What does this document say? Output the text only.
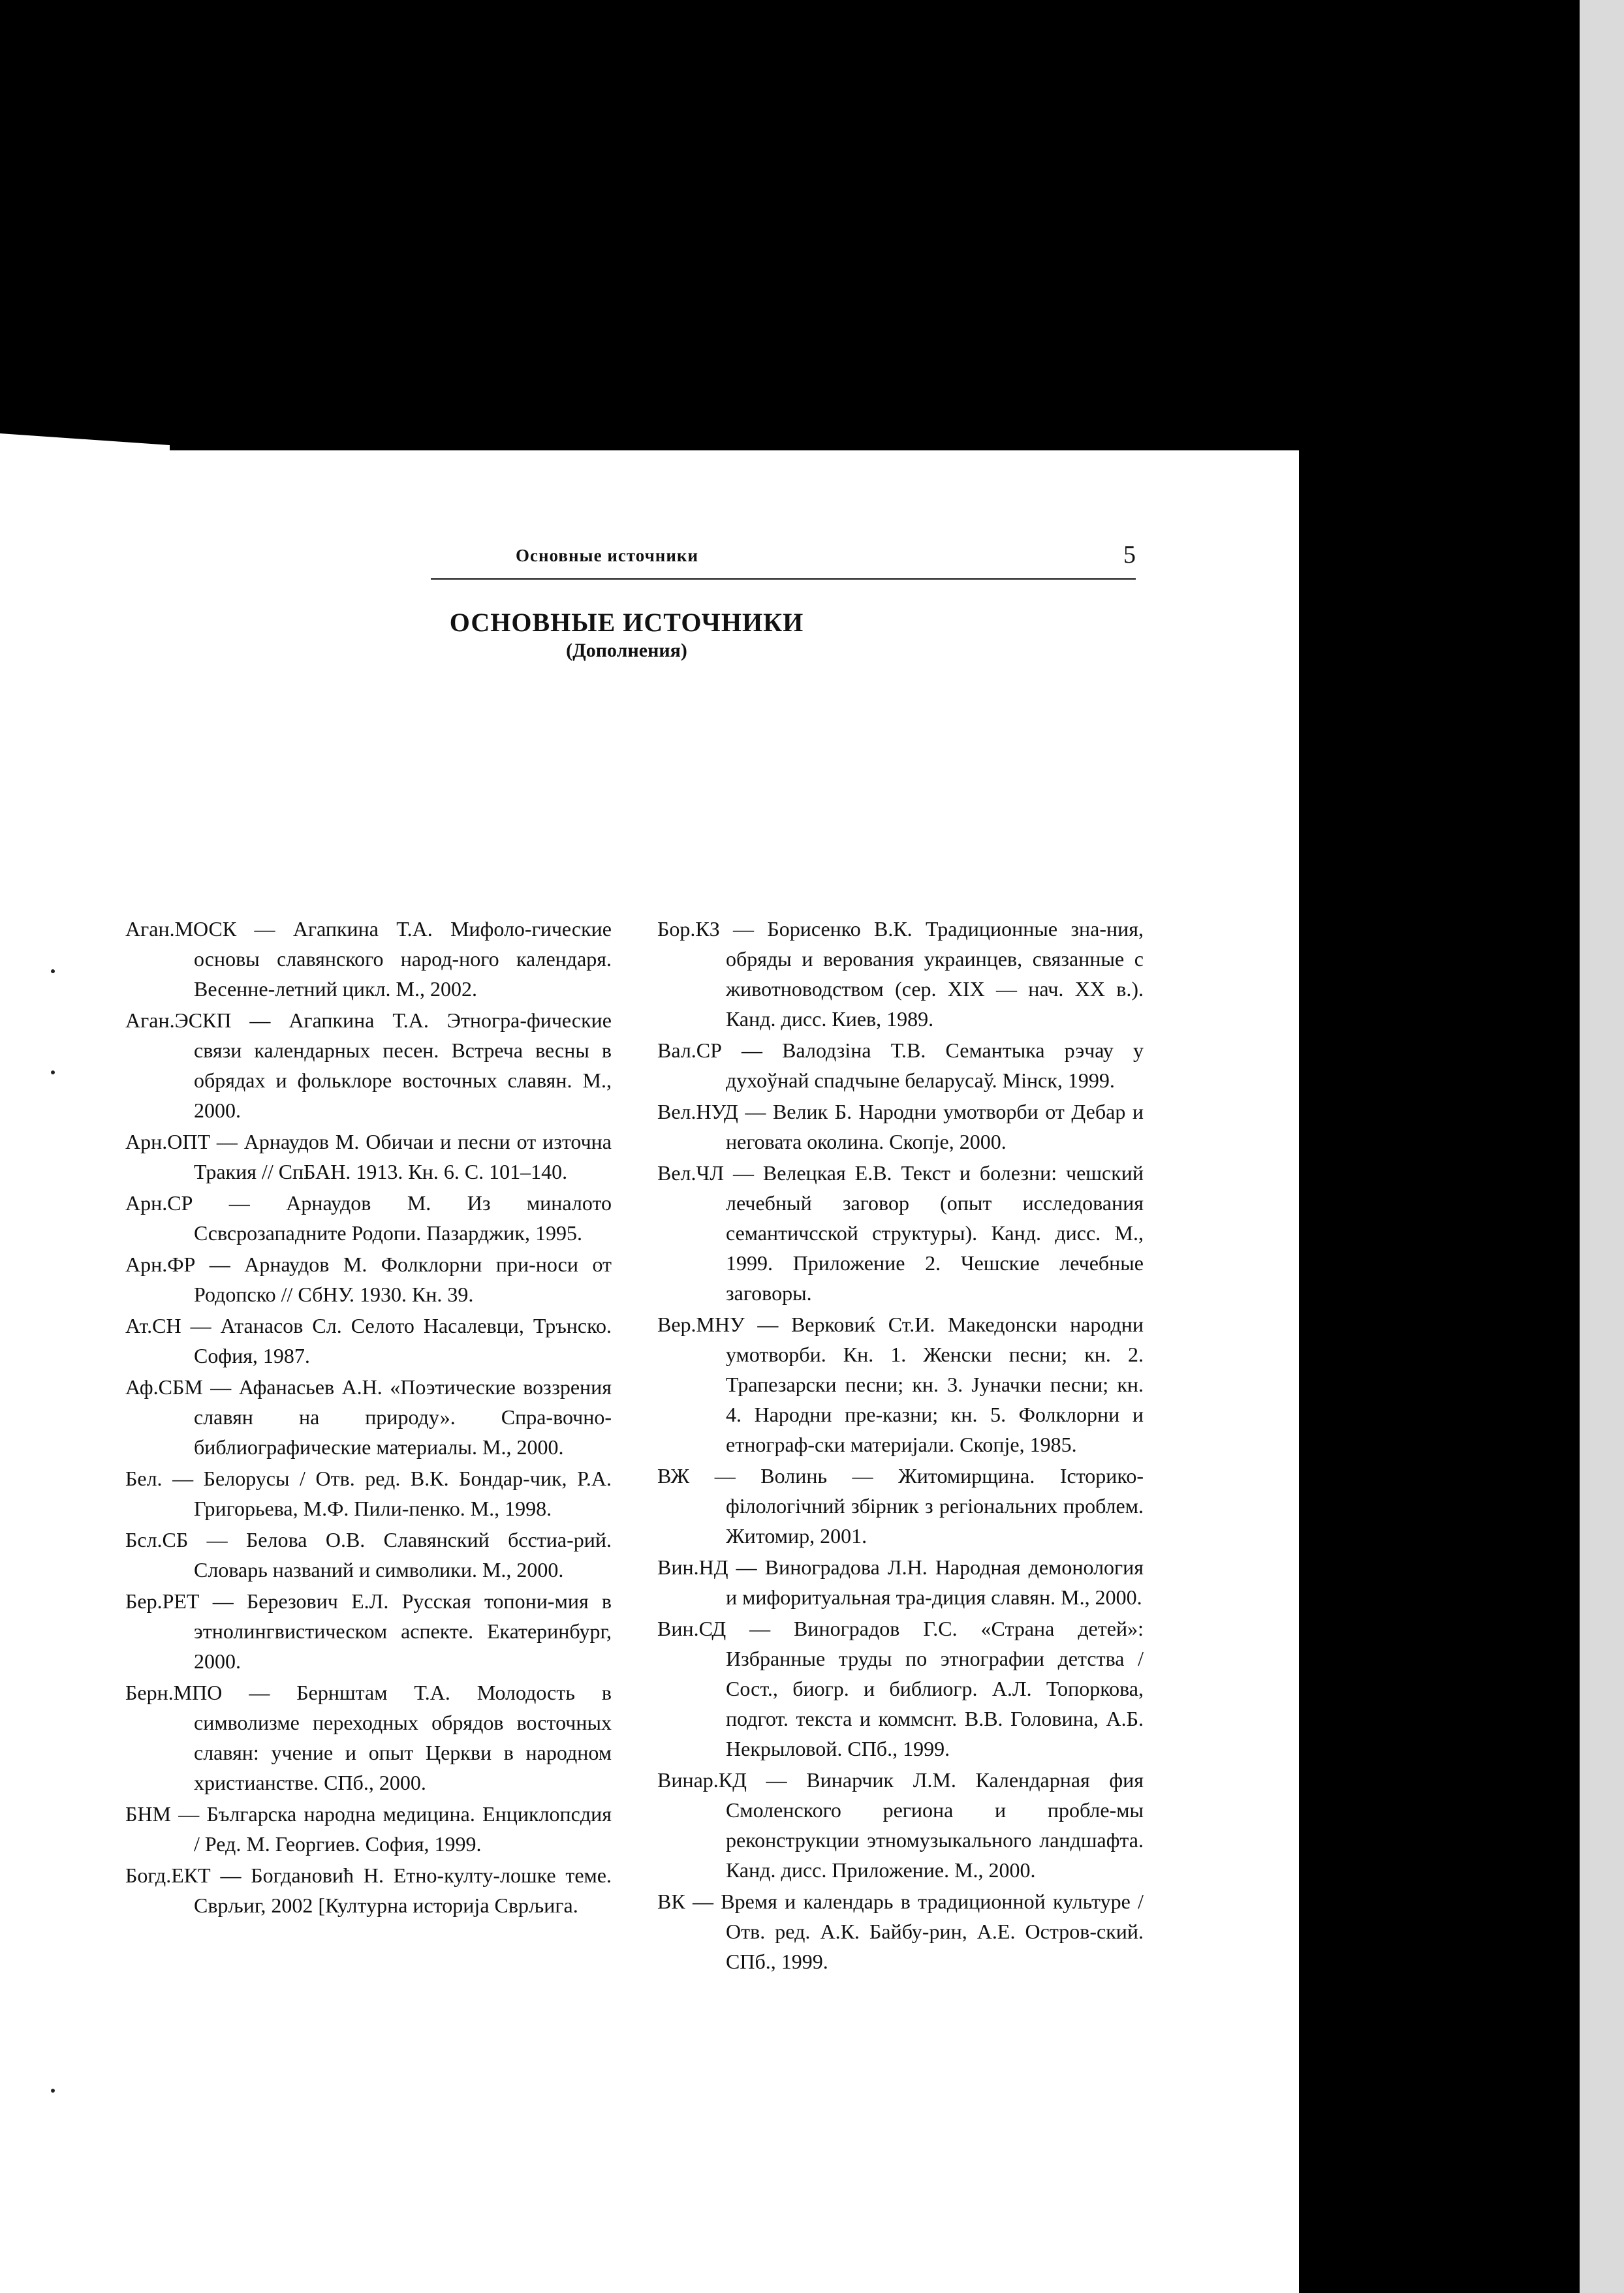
Основные источники	5
ОСНОВНЫЕ ИСТОЧНИКИ
(Дополнения)

Аган.МОСК — Агапкина Т.А. Мифоло-гические основы славянского народ-ного календаря. Весенне-летний цикл. М., 2002.

Аган.ЭСКП — Агапкина Т.А. Этногра-фические связи календарных песен. Встреча весны в обрядах и фольклоре восточных славян. М., 2000.

Арн.ОПТ — Арнаудов М. Обичаи и песни от източна Тракия // СпБАН. 1913. Кн. 6. С. 101–140.

Арн.СР — Арнаудов М. Из миналото Ссвсрозападните Родопи. Пазарджик, 1995.

Арн.ФР — Арнаудов М. Фолклорни при-носи от Родопско // СбНУ. 1930. Кн. 39.

Ат.СН — Атанасов Сл. Селото Насалевци, Трънско. София, 1987.

Аф.СБМ — Афанасьев А.Н. «Поэтические воззрения славян на природу». Спра-вочно-библиографические материалы. М., 2000.

Бел. — Белорусы / Отв. ред. В.К. Бондар-чик, Р.А. Григорьева, М.Ф. Пили-пенко. М., 1998.

Бсл.СБ — Белова О.В. Славянский бсстиа-рий. Словарь названий и символики. М., 2000.

Бер.РЕТ — Березович Е.Л. Русская топони-мия в этнолингвистическом аспекте. Екатеринбург, 2000.

Берн.МПО — Бернштам Т.А. Молодость в символизме переходных обрядов восточных славян: учение и опыт Церкви в народном христианстве. СПб., 2000.

БНМ — Българска народна медицина. Енциклопсдия / Ред. М. Георгиев. София, 1999.

Богд.ЕКТ — Богдановић Н. Етно-култу-лошке теме. Сврљиг, 2002 [Културна историја Сврљига.

Бор.КЗ — Борисенко В.К. Традиционные зна-ния, обряды и верования украинцев, связанные с животноводством (сер. XIX — нач. XX в.). Канд. дисс. Киев, 1989.

Вал.СР — Валодзіна Т.В. Семантыка рэчау у духоўнай спадчыне беларусаў. Мінск, 1999.

Вел.НУД — Велик Б. Народни умотворби от Дебар и неговата околина. Скопје, 2000.

Вел.ЧЛ — Велецкая Е.В. Текст и болезни: чешский лечебный заговор (опыт исследования семантичсской структуры). Канд. дисс. М., 1999. Приложение 2. Чешские лечебные заговоры.

Вер.МНУ — Верковиќ Ст.И. Македонски народни умотворби. Кн. 1. Женски песни; кн. 2. Трапезарски песни; кн. 3. Јуначки песни; кн. 4. Народни пре-казни; кн. 5. Фолклорни и етнограф-ски материјали. Скопје, 1985.

ВЖ — Волинь — Житомирщина. Історико-філологічний збірник з регіональних проблем. Житомир, 2001.

Вин.НД — Виноградова Л.Н. Народная демонология и мифоритуальная тра-диция славян. М., 2000.

Вин.СД — Виноградов Г.С. «Страна детей»: Избранные труды по этнографии детства / Сост., биогр. и библиогр. А.Л. Топоркова, подгот. текста и коммснт. В.В. Головина, А.Б. Некрыловой. СПб., 1999.

Винар.КД — Винарчик Л.М. Календарная фия Смоленского региона и пробле-мы реконструкции этномузыкального ландшафта. Канд. дисс. Приложение. М., 2000.

ВК — Время и календарь в традиционной культуре / Отв. ред. А.К. Байбу-рин, А.Е. Остров-ский. СПб., 1999.
